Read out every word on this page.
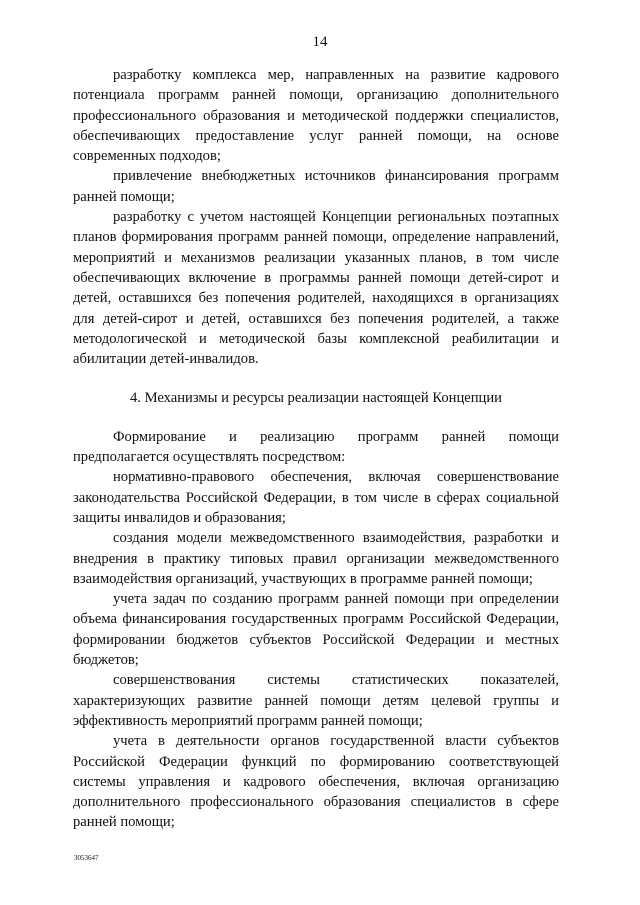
14

разработку комплекса мер, направленных на развитие кадрового потенциала программ ранней помощи, организацию дополнительного профессионального образования и методической поддержки специалистов, обеспечивающих предоставление услуг ранней помощи, на основе современных подходов;

привлечение внебюджетных источников финансирования программ ранней помощи;

разработку с учетом настоящей Концепции региональных поэтапных планов формирования программ ранней помощи, определение направлений, мероприятий и механизмов реализации указанных планов, в том числе обеспечивающих включение в программы ранней помощи детей-сирот и детей, оставшихся без попечения родителей, находящихся в организациях для детей-сирот и детей, оставшихся без попечения родителей, а также методологической и методической базы комплексной реабилитации и абилитации детей-инвалидов.

4. Механизмы и ресурсы реализации настоящей Концепции

Формирование и реализацию программ ранней помощи предполагается осуществлять посредством:

нормативно-правового обеспечения, включая совершенствование законодательства Российской Федерации, в том числе в сферах социальной защиты инвалидов и образования;

создания модели межведомственного взаимодействия, разработки и внедрения в практику типовых правил организации межведомственного взаимодействия организаций, участвующих в программе ранней помощи;

учета задач по созданию программ ранней помощи при определении объема финансирования государственных программ Российской Федерации, формировании бюджетов субъектов Российской Федерации и местных бюджетов;

совершенствования системы статистических показателей, характеризующих развитие ранней помощи детям целевой группы и эффективность мероприятий программ ранней помощи;

учета в деятельности органов государственной власти субъектов Российской Федерации функций по формированию соответствующей системы управления и кадрового обеспечения, включая организацию дополнительного профессионального образования специалистов в сфере ранней помощи;

3053647
